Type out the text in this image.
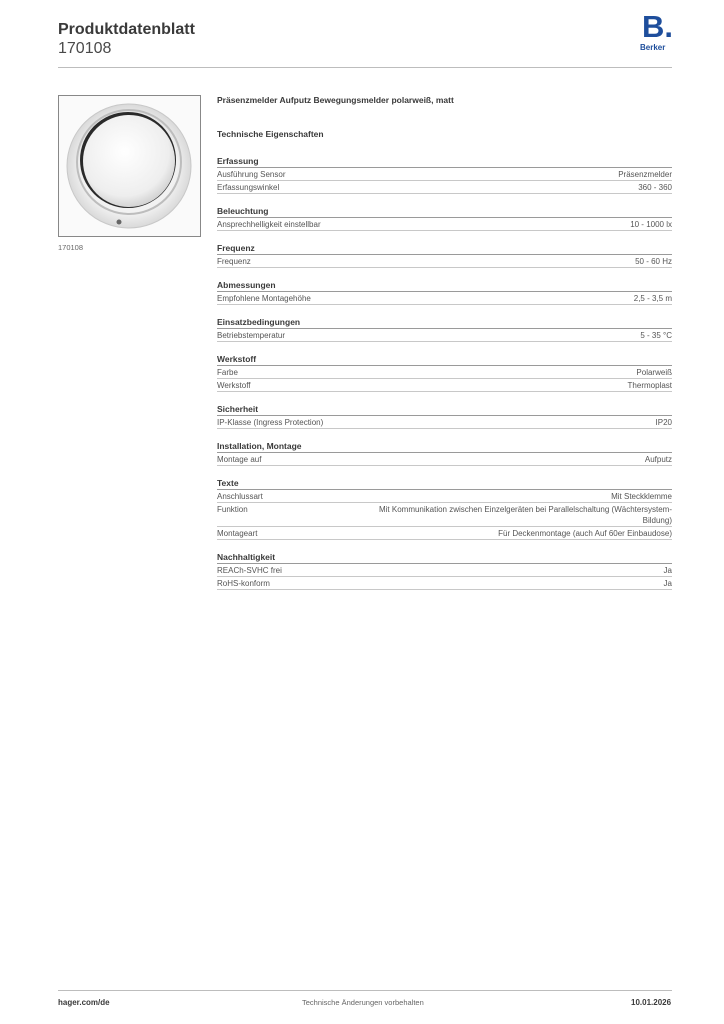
Produktdatenblatt
170108
B.
Berker
170108
Präsenzmelder Aufputz Bewegungsmelder polarweiß, matt
Technische Eigenschaften
Erfassung
Ausführung Sensor	Präsenzmelder
Erfassungswinkel	360 - 360
Beleuchtung
Ansprechhelligkeit einstellbar	10 - 1000 lx
Frequenz
Frequenz	50 - 60 Hz
Abmessungen
Empfohlene Montagehöhe	2,5 - 3,5 m
Einsatzbedingungen
Betriebstemperatur	5 - 35 °C
Werkstoff
Farbe	Polarweiß
Werkstoff	Thermoplast
Sicherheit
IP-Klasse (Ingress Protection)	IP20
Installation, Montage
Montage auf	Aufputz
Texte
Anschlussart	Mit Steckklemme
Funktion	Mit Kommunikation zwischen Einzelgeräten bei Parallelschaltung (Wächtersystem-Bildung)
Montageart	Für Deckenmontage (auch Auf 60er Einbaudose)
Nachhaltigkeit
REACh-SVHC frei	Ja
RoHS-konform	Ja
hager.com/de	Technische Änderungen vorbehalten	10.01.2026
